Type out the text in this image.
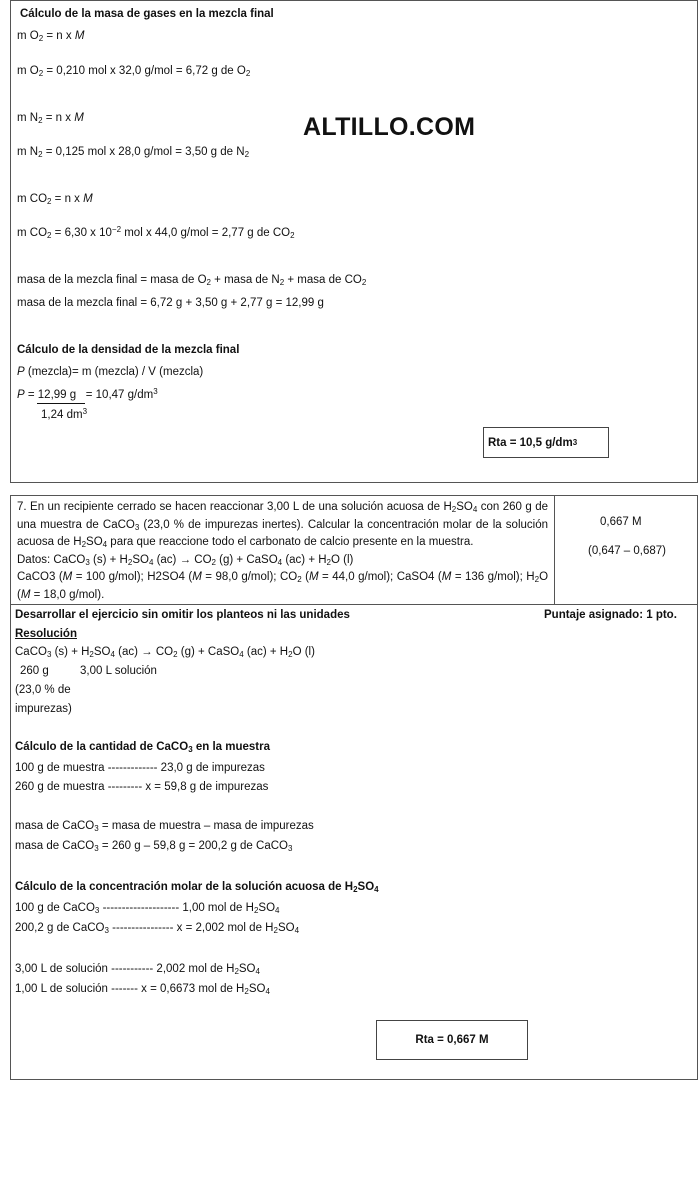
Cálculo de la masa de gases en la mezcla final
m $O_2 = n$ x M
m $O_2 = 0,210$ mol x 32,0 g/mol = 6,72 g de $O_2$
ALTILLO.COM
m $N_2 = n$ x M
m $N_2 = 0,125$ mol x 28,0 g/mol = 3,50 g de $N_2$
m $CO_2 = n$ x M
m $CO_2 = 6,30$ x $10^{-2}$ mol x 44,0 g/mol = 2,77 g de $CO_2$
masa de la mezcla final = masa de $O_2$ + masa de $N_2$ + masa de $CO_2$
masa de la mezcla final = 6,72 g + 3,50 g + 2,77 g = 12,99 g
Cálculo de la densidad de la mezcla final
P (mezcla)= m (mezcla) / V (mezcla)
P = 12,99 g = 10,47 $g/dm^3$
1,24 $dm^3$
Rta = 10,5 g/dm 3
7. En un recipiente cerrado se hacen reaccionar 3,00 L de una solución acuosa de $H_2SO_4$ con 260 g de una muestra de CaCO$_3$ (23,0 % de impurezas inertes). Calcular la concentración molar de la solución acuosa de $H_2SO_4$ para que reaccione todo el carbonato de calcio presente en la muestra.
Datos: CaCO$_3$ $(s) + H_2SO_4$ $(ac) \to CO_2$ (g) + CaSO$_4$ $(ac) + H_2O$ (l)
CaCO3 (M = 100 g/mol); H2SO4 (M = 98,0 g/mol); $CO_2$ (M = 44,0 g/mol); CaSO4 (M = 136 g/mol); $H_2O$ (M = 18,0 g/mol).
0,667 M
(0,647 – 0,687)
Desarrollar el ejercicio sin omitir los planteos ni las unidades	Puntaje asignado: 1 pto.
Resolución
CaCO$_3$ $(s) + H_2SO_4$ $(ac) \to CO_2$ (g) + CaSO$_4$ $(ac) + H_2O$ (l)
260 g	3,00 L solución
(23,0 % de
impurezas)
Cálculo de la cantidad de CaCO$_3$ en la muestra
100 g de muestra ------------- 23,0 g de impurezas
260 g de muestra --------- x = 59,8 g de impurezas
masa de CaCO$_3$ = masa de muestra – masa de impurezas
masa de CaCO$_3$ = 260 g – 59,8 g = 200,2 g de CaCO$_3$
Cálculo de la concentración molar de la solución acuosa de $H_2SO_4$
100 g de CaCO$_3$ -------------------- 1,00 mol de $H_2SO_4$
200,2 g de CaCO$_3$ ---------------- x = 2,002 mol de $H_2SO_4$
3,00 L de solución ----------- 2,002 mol de $H_2SO_4$
1,00 L de solución ------- x = 0,6673 mol de $H_2SO_4$
Rta = 0,667 M
